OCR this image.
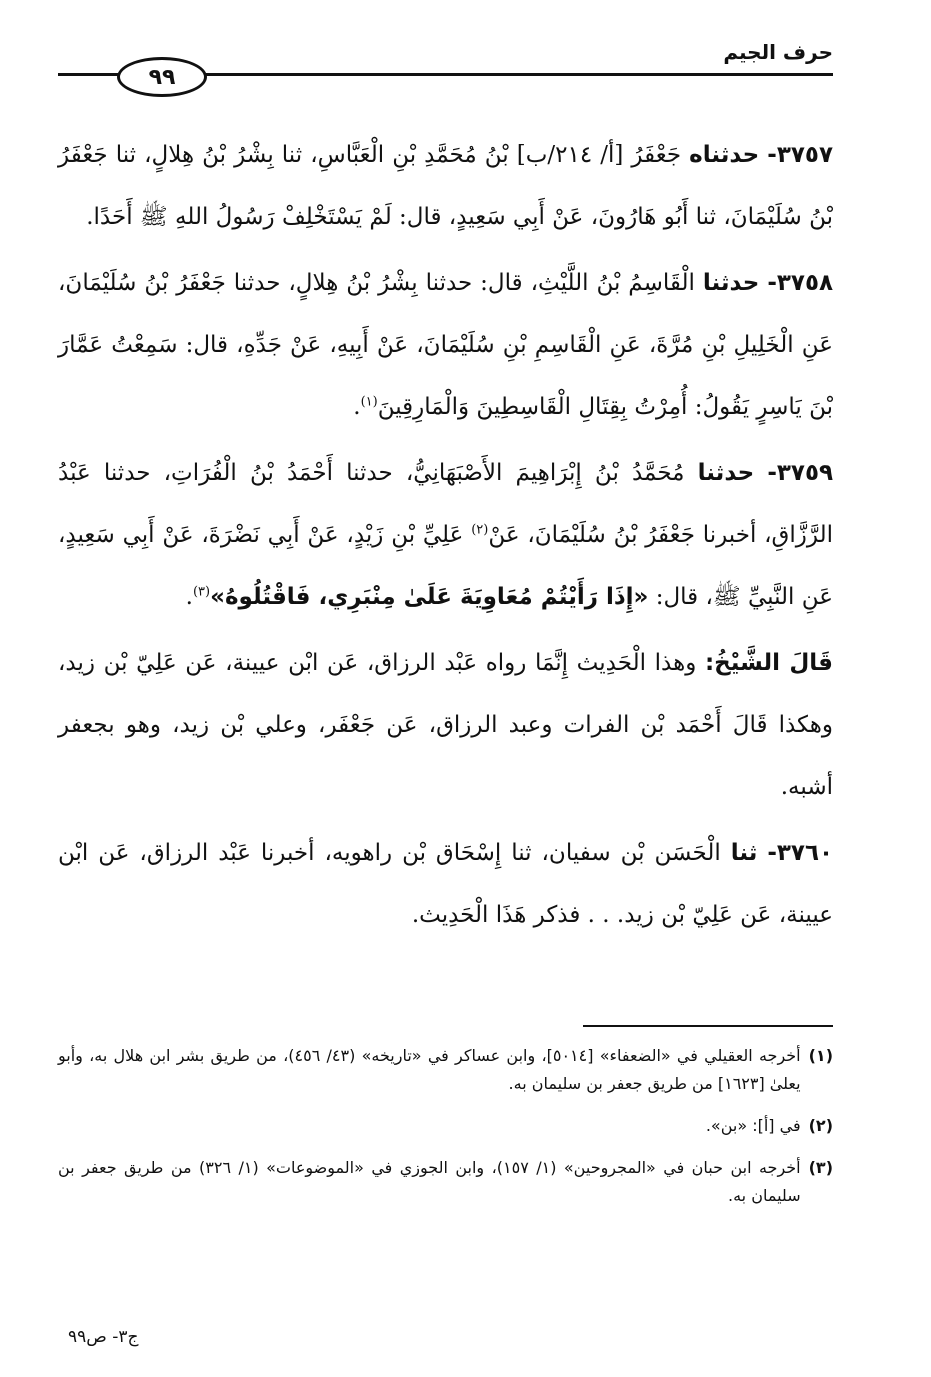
حرف الجيم
٩٩

٣٧٥٧- حدثناه جَعْفَرُ [أ/ ٢١٤/ب] بْنُ مُحَمَّدِ بْنِ الْعَبَّاسِ، ثنا بِشْرُ بْنُ هِلالٍ، ثنا جَعْفَرُ بْنُ سُلَيْمَانَ، ثنا أَبُو هَارُونَ، عَنْ أَبِي سَعِيدٍ، قال: لَمْ يَسْتَخْلِفْ رَسُولُ اللهِ ﷺ أَحَدًا.

٣٧٥٨- حدثنا الْقَاسِمُ بْنُ اللَّيْثِ، قال: حدثنا بِشْرُ بْنُ هِلالٍ، حدثنا جَعْفَرُ بْنُ سُلَيْمَانَ، عَنِ الْخَلِيلِ بْنِ مُرَّةَ، عَنِ الْقَاسِمِ بْنِ سُلَيْمَانَ، عَنْ أَبِيهِ، عَنْ جَدِّهِ، قال: سَمِعْتُ عَمَّارَ بْنَ يَاسِرٍ يَقُولُ: أُمِرْتُ بِقِتَالِ الْقَاسِطِينَ وَالْمَارِقِينَ$^{(١)}$.

٣٧٥٩- حدثنا مُحَمَّدُ بْنُ إِبْرَاهِيمَ الأَصْبَهَانِيُّ، حدثنا أَحْمَدُ بْنُ الْفُرَاتِ، حدثنا عَبْدُ الرَّزَّاقِ، أخبرنا جَعْفَرُ بْنُ سُلَيْمَانَ، عَنْ$^{(٢)}$ عَلِيِّ بْنِ زَيْدٍ، عَنْ أَبِي نَضْرَةَ، عَنْ أَبِي سَعِيدٍ، عَنِ النَّبِيِّ ﷺ، قال: «إِذَا رَأَيْتُمْ مُعَاوِيَةَ عَلَىٰ مِنْبَرِي، فَاقْتُلُوهُ»$^{(٣)}$.

قَالَ الشَّيْخُ: وهذا الْحَدِيث إِنَّمَا رواه عَبْد الرزاق، عَن ابْن عيينة، عَن عَلِيّ بْن زيد، وهكذا قَالَ أَحْمَد بْن الفرات وعبد الرزاق، عَن جَعْفَر، وعلي بْن زيد، وهو بجعفر أشبه.

٣٧٦٠- ثنا الْحَسَن بْن سفيان، ثنا إِسْحَاق بْن راهويه، أخبرنا عَبْد الرزاق، عَن ابْن عيينة، عَن عَلِيّ بْن زيد. . . فذكر هَذَا الْحَدِيث.

(١)
أخرجه العقيلي في «الضعفاء» [٥٠١٤]، وابن عساكر في «تاريخه» (٤٣/ ٤٥٦)، من طريق بشر ابن هلال به، وأبو يعلىٰ [١٦٢٣] من طريق جعفر بن سليمان به.
(٢)
في [أ]: «بن».
(٣)
أخرجه ابن حبان في «المجروحين» (١/ ١٥٧)، وابن الجوزي في «الموضوعات» (١/ ٣٢٦) من طريق جعفر بن سليمان به.
ج٣- ص٩٩
